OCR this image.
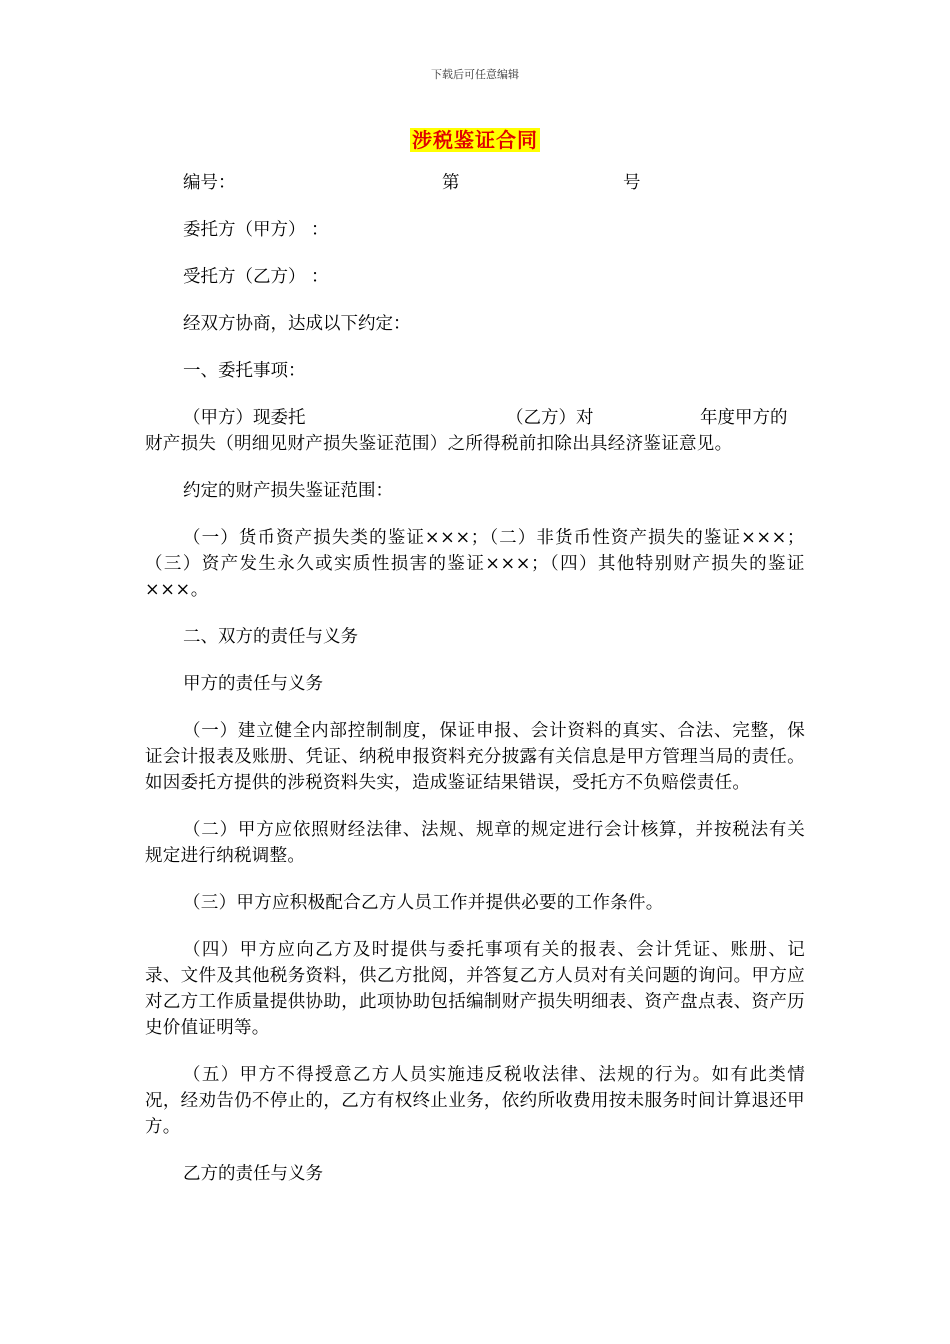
下载后可任意编辑
涉税鉴证合同
编号：	第	号
委托方（甲方） ：
受托方（乙方） ：
经双方协商，达成以下约定：
一、委托事项：
（甲方）现委托	（乙方）对	年度甲方的
财产损失（明细见财产损失鉴证范围）之所得税前扣除出具经济鉴证意见。
约定的财产损失鉴证范围：

（一）货币资产损失类的鉴证×××；（二）非货币性资产损失的鉴证×××；（三）资产发生永久或实质性损害的鉴证×××；（四）其他特别财产损失的鉴证×××。

二、双方的责任与义务
甲方的责任与义务

（一）建立健全内部控制制度，保证申报、会计资料的真实、合法、完整，保证会计报表及账册、凭证、纳税申报资料充分披露有关信息是甲方管理当局的责任。如因委托方提供的涉税资料失实，造成鉴证结果错误，受托方不负赔偿责任。

（二）甲方应依照财经法律、法规、规章的规定进行会计核算，并按税法有关规定进行纳税调整。

（三）甲方应积极配合乙方人员工作并提供必要的工作条件。

（四）甲方应向乙方及时提供与委托事项有关的报表、会计凭证、账册、记录、文件及其他税务资料，供乙方批阅，并答复乙方人员对有关问题的询问。甲方应对乙方工作质量提供协助，此项协助包括编制财产损失明细表、资产盘点表、资产历史价值证明等。

（五）甲方不得授意乙方人员实施违反税收法律、法规的行为。如有此类情况，经劝告仍不停止的，乙方有权终止业务，依约所收费用按未服务时间计算退还甲方。

乙方的责任与义务
